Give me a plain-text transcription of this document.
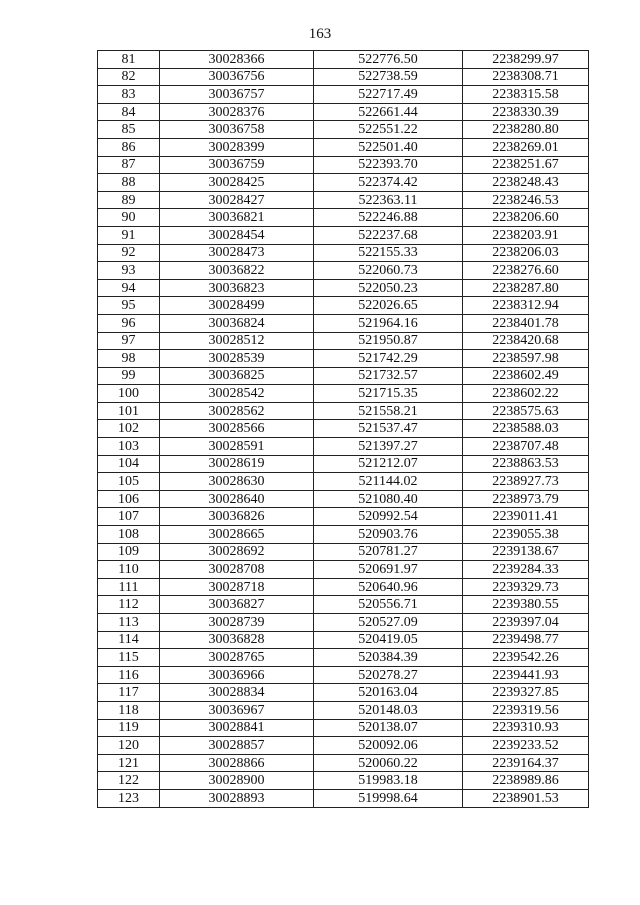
163
81	30028366	522776.50	2238299.97
82	30036756	522738.59	2238308.71
83	30036757	522717.49	2238315.58
84	30028376	522661.44	2238330.39
85	30036758	522551.22	2238280.80
86	30028399	522501.40	2238269.01
87	30036759	522393.70	2238251.67
88	30028425	522374.42	2238248.43
89	30028427	522363.11	2238246.53
90	30036821	522246.88	2238206.60
91	30028454	522237.68	2238203.91
92	30028473	522155.33	2238206.03
93	30036822	522060.73	2238276.60
94	30036823	522050.23	2238287.80
95	30028499	522026.65	2238312.94
96	30036824	521964.16	2238401.78
97	30028512	521950.87	2238420.68
98	30028539	521742.29	2238597.98
99	30036825	521732.57	2238602.49
100	30028542	521715.35	2238602.22
101	30028562	521558.21	2238575.63
102	30028566	521537.47	2238588.03
103	30028591	521397.27	2238707.48
104	30028619	521212.07	2238863.53
105	30028630	521144.02	2238927.73
106	30028640	521080.40	2238973.79
107	30036826	520992.54	2239011.41
108	30028665	520903.76	2239055.38
109	30028692	520781.27	2239138.67
110	30028708	520691.97	2239284.33
111	30028718	520640.96	2239329.73
112	30036827	520556.71	2239380.55
113	30028739	520527.09	2239397.04
114	30036828	520419.05	2239498.77
115	30028765	520384.39	2239542.26
116	30036966	520278.27	2239441.93
117	30028834	520163.04	2239327.85
118	30036967	520148.03	2239319.56
119	30028841	520138.07	2239310.93
120	30028857	520092.06	2239233.52
121	30028866	520060.22	2239164.37
122	30028900	519983.18	2238989.86
123	30028893	519998.64	2238901.53
